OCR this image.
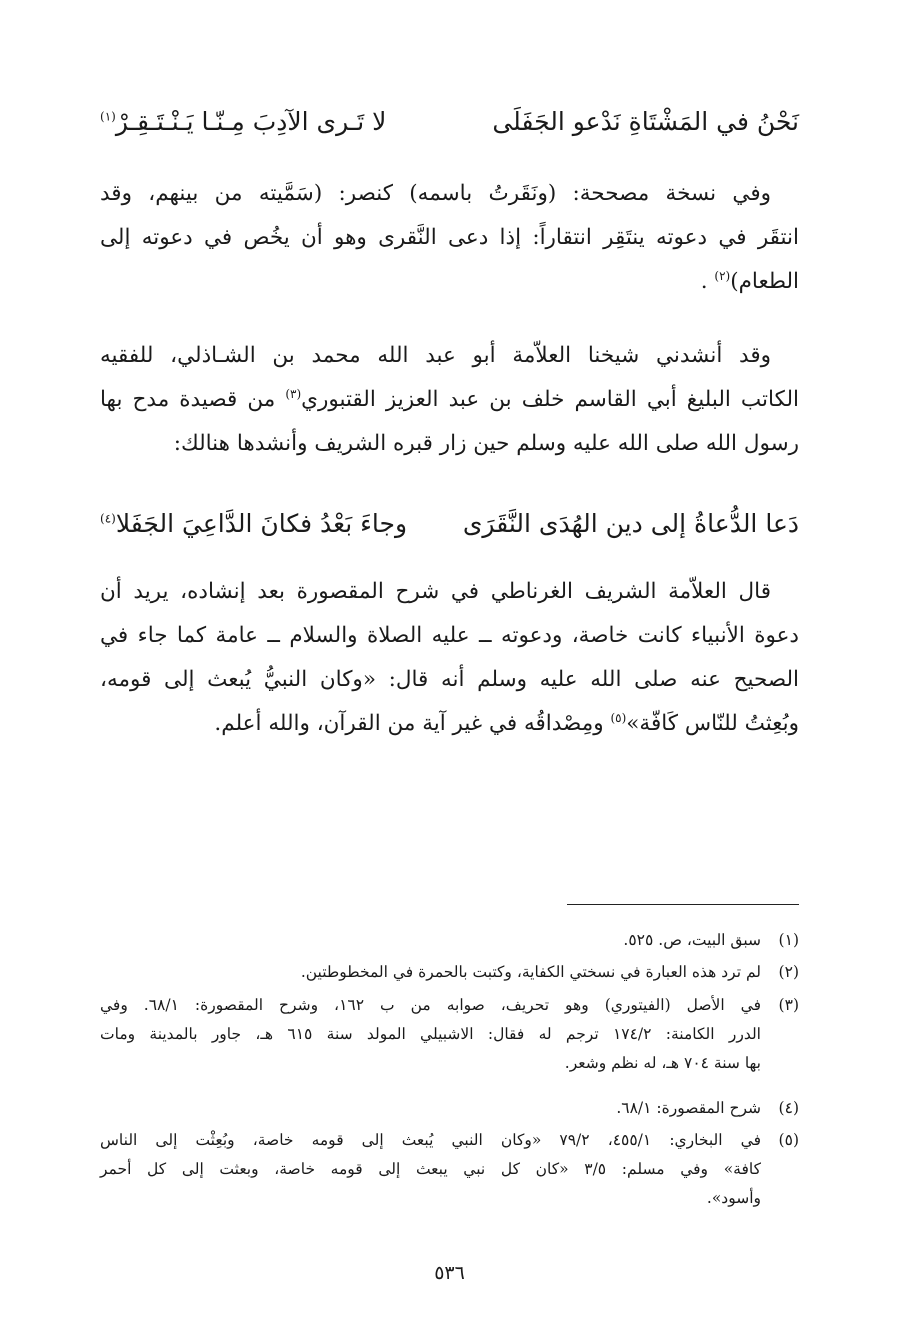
نَحْنُ في المَشْتَاةِ نَدْعو الجَفَلَى
لا تَـرى الآدِبَ مِـنّـا يَـنْـتَـقِـرْ$^{(١)}$
وفي نسخة مصححة: (ونَقَرتُ باسمه) كنصر: (سَمَّيته من بينهم، وقد
انتقَر في دعوته ينتَقِر انتقاراً: إذا دعى النَّقرى وهو أن يخُص في دعوته إلى
الطعام)$^{(٢)}$ .
وقد أنشدني شيخنا العلاّمة أبو عبد الله محمد بن الشـاذلي، للفقيه
الكاتب البليغ أبي القاسم خلف بن عبد العزيز القتبوري$^{(٣)}$ من قصيدة مدح بها
رسول الله صلى الله عليه وسلم حين زار قبره الشريف وأنشدها هنالك:
دَعا الدُّعاةُ إلى دين الهُدَى النَّقَرَى
وجاءَ بَعْدُ فكانَ الدَّاعِيَ الجَفَلا$^{(٤)}$
قال العلاّمة الشريف الغرناطي في شرح المقصورة بعد إنشاده، يريد أن
دعوة الأنبياء كانت خاصة، ودعوته ــ عليه الصلاة والسلام ــ عامة كما جاء في
الصحيح عنه صلى الله عليه وسلم أنه قال: «وكان النبيُّ يُبعث إلى قومه،
وبُعِثتُ للنّاس كَافّة»$^{(٥)}$ ومِصْداقُه في غير آية من القرآن، والله أعلم.
(١)
سبق البيت، ص. ٥٢٥.
(٢)
لم ترد هذه العبارة في نسختي الكفاية، وكتبت بالحمرة في المخطوطتين.
(٣)
في الأصل (الفيتوري) وهو تحريف، صوابه من ب ١٦٢، وشرح المقصورة: ٦٨/١. وفي
الدرر الكامنة: ١٧٤/٢ ترجم له فقال: الاشبيلي المولد سنة ٦١٥ هـ، جاور بالمدينة ومات
بها سنة ٧٠٤ هـ، له نظم وشعر.
(٤)
شرح المقصورة: ٦٨/١.
(٥)
في البخاري: ٤٥٥/١، ٧٩/٢ «وكان النبي يُبعث إلى قومه خاصة، وبُعِثْت إلى الناس
كافة» وفي مسلم: ٣/٥ «كان كل نبي يبعث إلى قومه خاصة، وبعثت إلى كل أحمر
وأسود».
٥٣٦
